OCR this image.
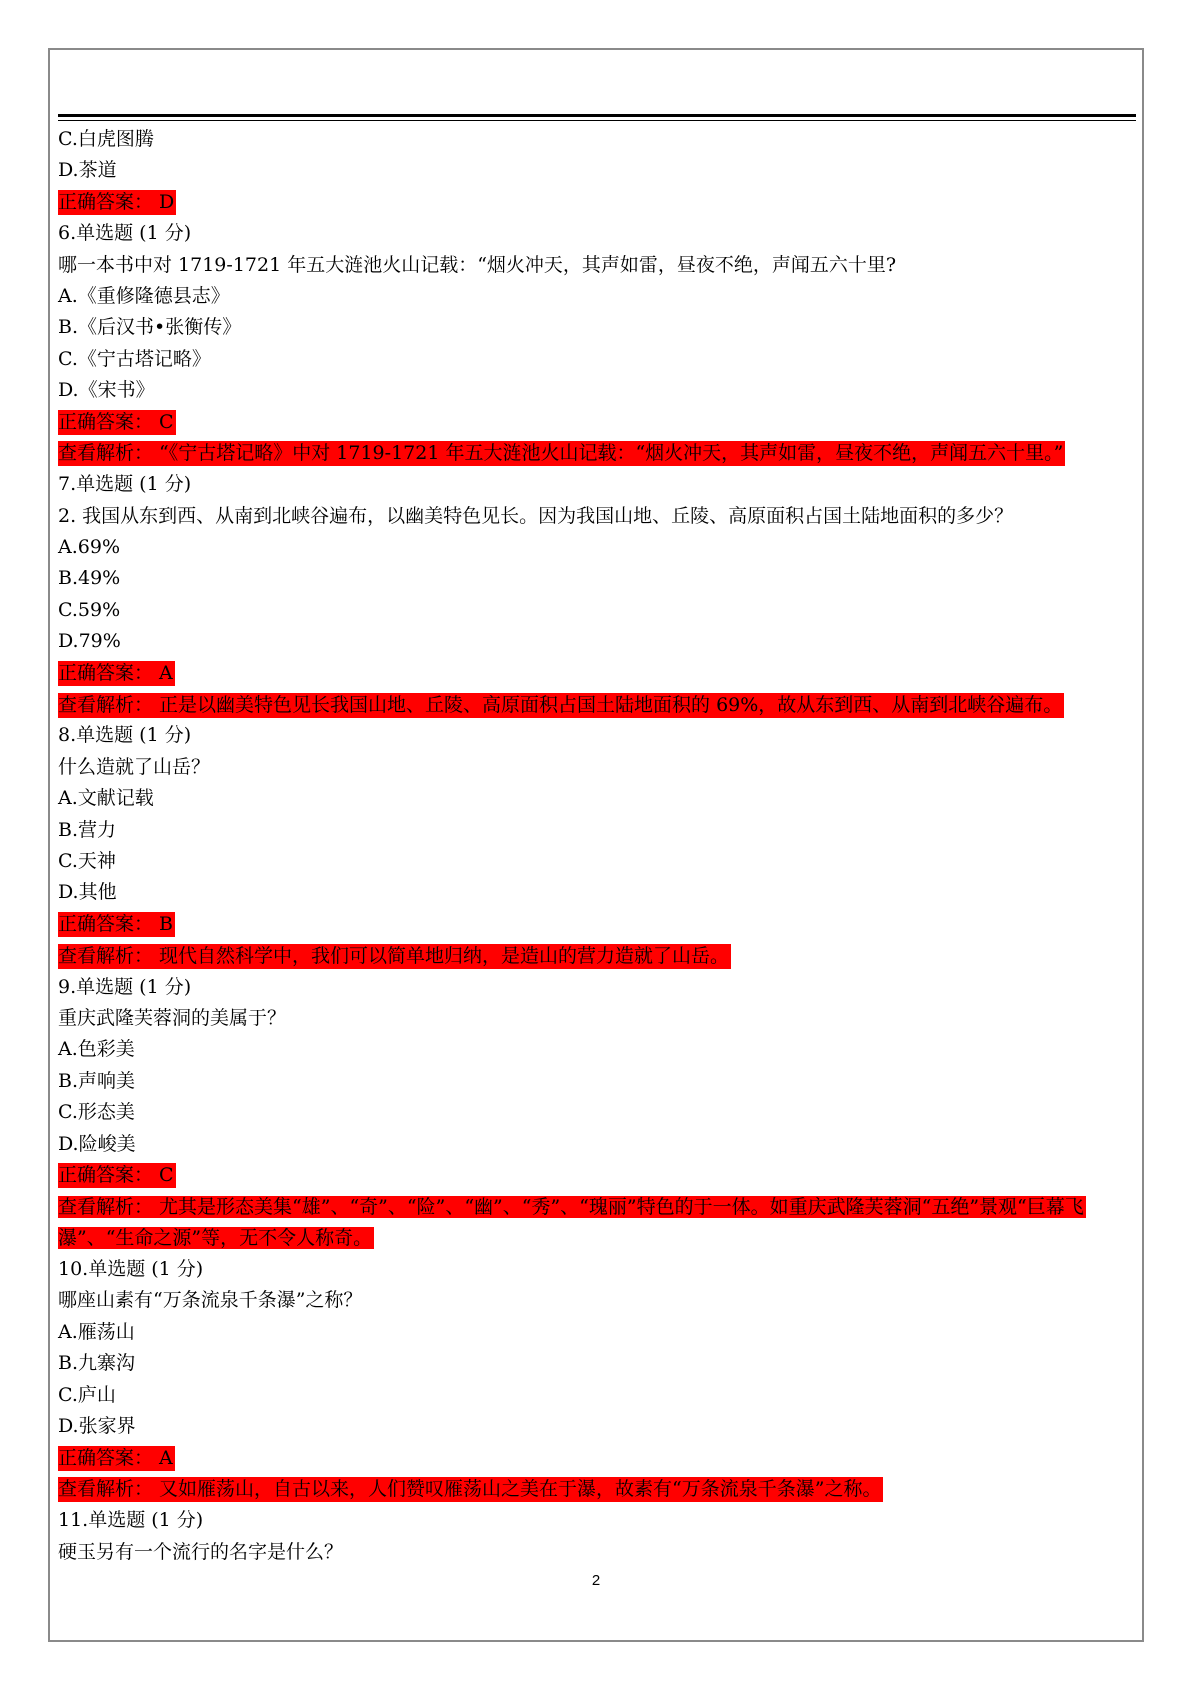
C.白虎图腾
D.茶道
正确答案： D
6.单选题 (1 分)
哪一本书中对 1719-1721 年五大涟池火山记载：“烟火冲天，其声如雷，昼夜不绝，声闻五六十里?
A.《重修隆德县志》
B.《后汉书•张衡传》
C.《宁古塔记略》
D.《宋书》
正确答案： C
查看解析： “《宁古塔记略》中对 1719-1721 年五大涟池火山记载：“烟火冲天，其声如雷，昼夜不绝，声闻五六十里。”
7.单选题 (1 分)
2. 我国从东到西、从南到北峡谷遍布，以幽美特色见长。因为我国山地、丘陵、高原面积占国土陆地面积的多少？
A.69%
B.49%
C.59%
D.79%
正确答案： A
查看解析： 正是以幽美特色见长我国山地、丘陵、高原面积占国土陆地面积的 69%，故从东到西、从南到北峡谷遍布。
8.单选题 (1 分)
什么造就了山岳？
A.文献记载
B.营力
C.天神
D.其他
正确答案： B
查看解析： 现代自然科学中，我们可以简单地归纳，是造山的营力造就了山岳。
9.单选题 (1 分)
重庆武隆芙蓉洞的美属于？
A.色彩美
B.声响美
C.形态美
D.险峻美
正确答案： C
查看解析： 尤其是形态美集“雄”、“奇”、“险”、“幽”、“秀”、“瑰丽”特色的于一体。如重庆武隆芙蓉洞“五绝”景观“巨幕飞瀑”、“生命之源”等，无不令人称奇。
10.单选题 (1 分)
哪座山素有“万条流泉千条瀑”之称？
A.雁荡山
B.九寨沟
C.庐山
D.张家界
正确答案： A
查看解析： 又如雁荡山，自古以来，人们赞叹雁荡山之美在于瀑，故素有“万条流泉千条瀑”之称。
11.单选题 (1 分)
硬玉另有一个流行的名字是什么？
2
